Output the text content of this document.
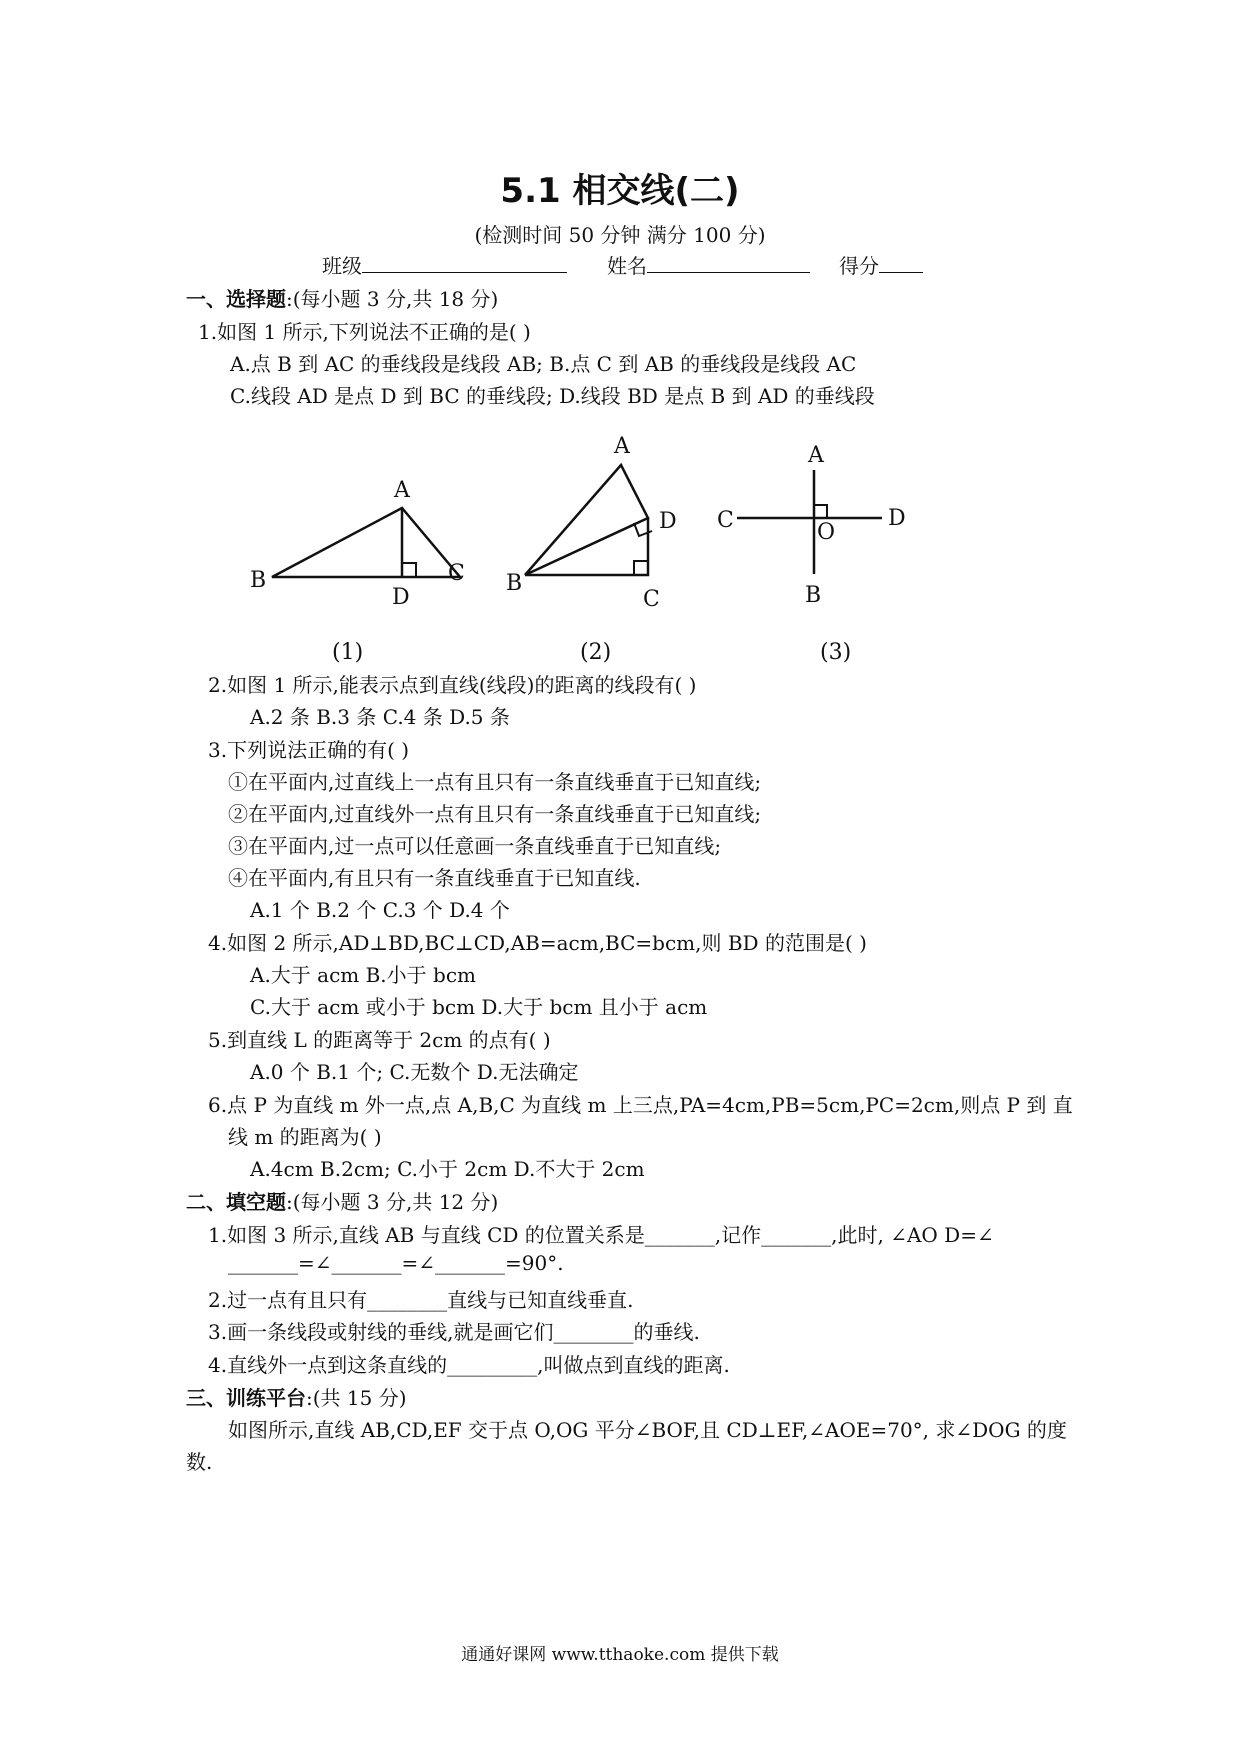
5.1 相交线(二)
(检测时间 50 分钟 满分 100 分)
班级	姓名	得分
一、选择题:(每小题 3 分,共 18 分)
1.如图 1 所示,下列说法不正确的是( )
A.点 B 到 AC 的垂线段是线段 AB; B.点 C 到 AB 的垂线段是线段 AC
C.线段 AD 是点 D 到 BC 的垂线段; D.线段 BD 是点 B 到 AD 的垂线段
A
B	C
D
A
B
C
D
A
B
C	D
O
(1)	(2)	(3)
2.如图 1 所示,能表示点到直线(线段)的距离的线段有( )
A.2 条 B.3 条 C.4 条 D.5 条
3.下列说法正确的有( )
①在平面内,过直线上一点有且只有一条直线垂直于已知直线;
②在平面内,过直线外一点有且只有一条直线垂直于已知直线;
③在平面内,过一点可以任意画一条直线垂直于已知直线;
④在平面内,有且只有一条直线垂直于已知直线.
A.1 个 B.2 个 C.3 个 D.4 个
4.如图 2 所示,AD⊥BD,BC⊥CD,AB=acm,BC=bcm,则 BD 的范围是( )
A.大于 acm B.小于 bcm
C.大于 acm 或小于 bcm D.大于 bcm 且小于 acm
5.到直线 L 的距离等于 2cm 的点有( )
A.0 个 B.1 个; C.无数个 D.无法确定
6.点 P 为直线 m 外一点,点 A,B,C 为直线 m 上三点,PA=4cm,PB=5cm,PC=2cm,则点 P 到 直
线 m 的距离为( )
A.4cm B.2cm; C.小于 2cm D.不大于 2cm
二、填空题:(每小题 3 分,共 12 分)
1.如图 3 所示,直线 AB 与直线 CD 的位置关系是_______,记作_______,此时, ∠AO D=∠
_______=∠_______=∠_______=90°.
2.过一点有且只有________直线与已知直线垂直.
3.画一条线段或射线的垂线,就是画它们________的垂线.
4.直线外一点到这条直线的_________,叫做点到直线的距离.
三、训练平台:(共 15 分)
如图所示,直线 AB,CD,EF 交于点 O,OG 平分∠BOF,且 CD⊥EF,∠AOE=70°, 求∠DOG 的度
数.
通通好课网 www.tthaoke.com 提供下载
